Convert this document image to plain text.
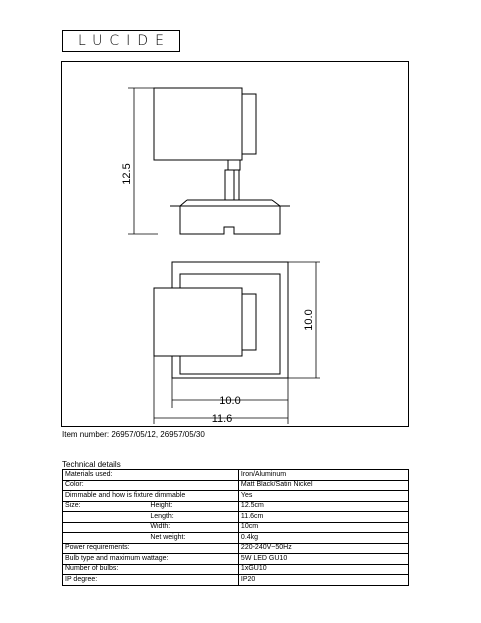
LUCIDE
12.5
10.0
10.0
11.6
Item number: 26957/05/12, 26957/05/30
Technical details
Materials used:		Iron/Aluminum
Color:		Matt Black/Satin Nickel
Dimmable and how is fixture dimmable		Yes
Size:	Height:	12.5cm
	Length:	11.6cm
	Width:	10cm
	Net weight:	0.4kg
Power requirements:		220-240V~50Hz
Bulb type and maximum wattage:		5W LED GU10
Number of bulbs:		1xGU10
IP degree:		IP20
